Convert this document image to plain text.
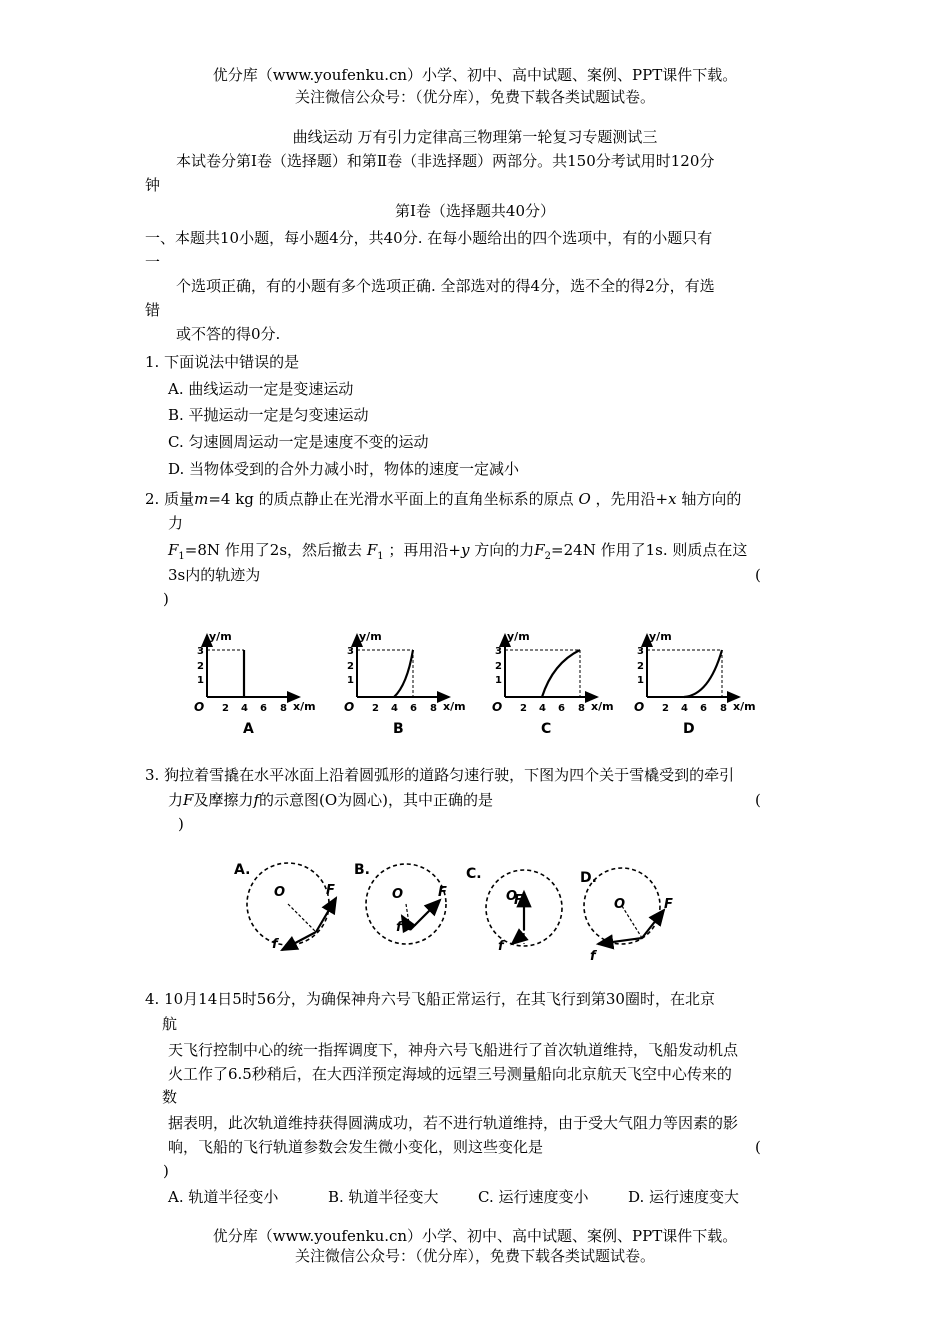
优分库（www.youfenku.cn）小学、初中、高中试题、案例、PPT课件下载。
关注微信公众号：（优分库），免费下载各类试题试卷。
曲线运动 万有引力定律高三物理第一轮复习专题测试三
本试卷分第Ⅰ卷（选择题）和第Ⅱ卷（非选择题）两部分。共150分考试用时120分
钟
第Ⅰ卷（选择题共40分）
一、本题共10小题，每小题4分，共40分. 在每小题给出的四个选项中，有的小题只有
一
个选项正确，有的小题有多个选项正确. 全部选对的得4分，选不全的得2分，有选
错
或不答的得0分.
1. 下面说法中错误的是
A. 曲线运动一定是变速运动
B. 平抛运动一定是匀变速运动
C. 匀速圆周运动一定是速度不变的运动
D. 当物体受到的合外力减小时，物体的速度一定减小
2. 质量m=4 kg 的质点静止在光滑水平面上的直角坐标系的原点 O ，先用沿+x 轴方向的
力
$F_1=8N$ 作用了2s，然后撤去 $F_1$ ；再用沿+y 方向的力$F_2=24N$ 作用了1s. 则质点在这
3s内的轨迹为	(
)
y/m
x/m
O
1
2
3
2 4 6 8
A
y/m
x/m
O
1
2
3
2 4 6 8
B
y/m
x/m
O
1
2
3
2 4 6 8
C
y/m
x/m
O
1
2
3
2 4 6 8
D
3. 狗拉着雪撬在水平冰面上沿着圆弧形的道路匀速行驶，下图为四个关于雪橇受到的牵引
力F及摩擦力f的示意图(O为圆心)，其中正确的是	(
)
A.
O	F
f
B.
O	F
f
C.
O
F
f
D.
O	F
f
4. 10月14日5时56分，为确保神舟六号飞船正常运行，在其飞行到第30圈时，在北京
航
天飞行控制中心的统一指挥调度下，神舟六号飞船进行了首次轨道维持，飞船发动机点
火工作了6.5秒稍后，在大西洋预定海域的远望三号测量船向北京航天飞空中心传来的
数
据表明，此次轨道维持获得圆满成功，若不进行轨道维持，由于受大气阻力等因素的影
响，飞船的飞行轨道参数会发生微小变化，则这些变化是	(
)
A. 轨道半径变小	B. 轨道半径变大	C. 运行速度变小	D. 运行速度变大
优分库（www.youfenku.cn）小学、初中、高中试题、案例、PPT课件下载。
关注微信公众号：（优分库），免费下载各类试题试卷。
